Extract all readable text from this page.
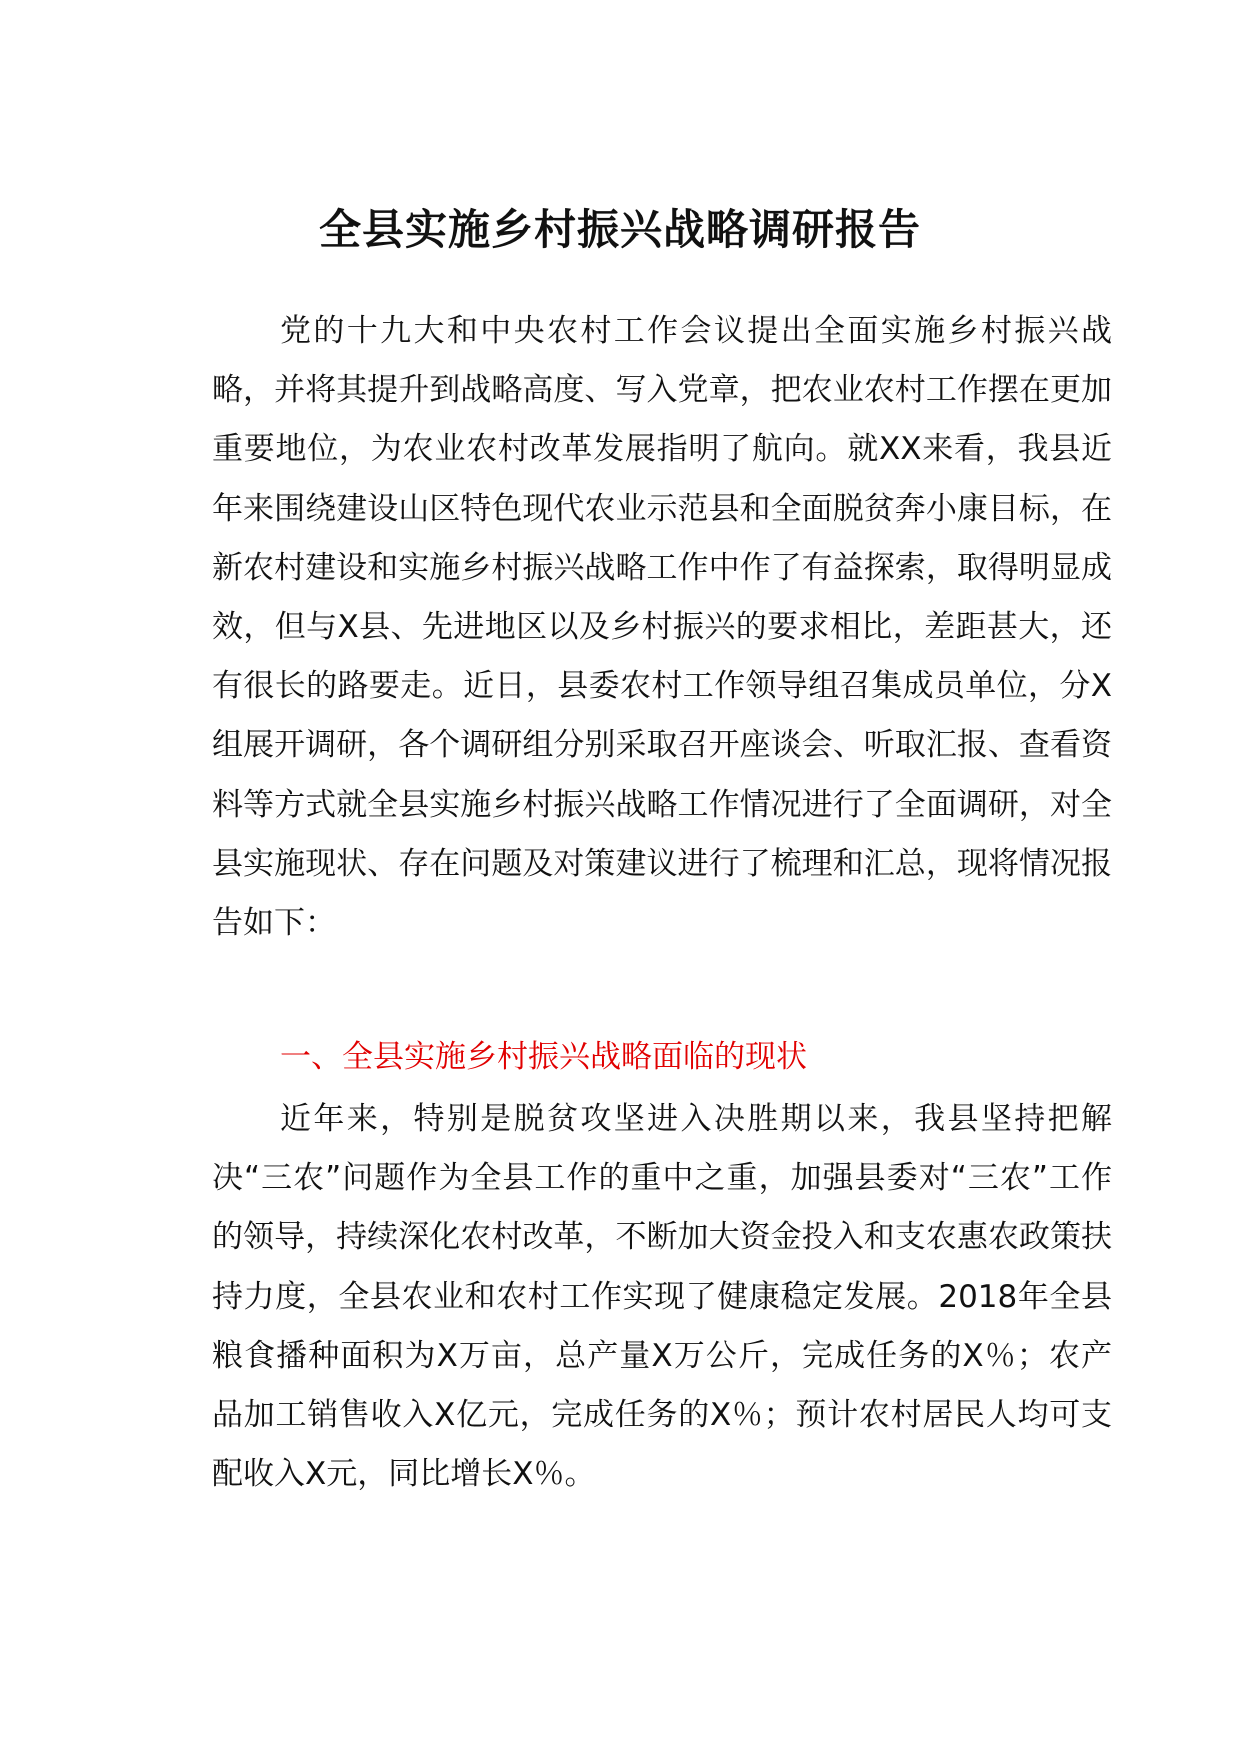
全县实施乡村振兴战略调研报告

党的十九大和中央农村工作会议提出全面实施乡村振兴战略，并将其提升到战略高度、写入党章，把农业农村工作摆在更加重要地位，为农业农村改革发展指明了航向。就XX来看，我县近年来围绕建设山区特色现代农业示范县和全面脱贫奔小康目标，在新农村建设和实施乡村振兴战略工作中作了有益探索，取得明显成效，但与X县、先进地区以及乡村振兴的要求相比，差距甚大，还有很长的路要走。近日，县委农村工作领导组召集成员单位，分X组展开调研，各个调研组分别采取召开座谈会、听取汇报、查看资料等方式就全县实施乡村振兴战略工作情况进行了全面调研，对全县实施现状、存在问题及对策建议进行了梳理和汇总，现将情况报告如下：

一、全县实施乡村振兴战略面临的现状

近年来，特别是脱贫攻坚进入决胜期以来，我县坚持把解决“三农”问题作为全县工作的重中之重，加强县委对“三农”工作的领导，持续深化农村改革，不断加大资金投入和支农惠农政策扶持力度，全县农业和农村工作实现了健康稳定发展。2018年全县粮食播种面积为X万亩，总产量X万公斤，完成任务的X％；农产品加工销售收入X亿元，完成任务的X％；预计农村居民人均可支配收入X元，同比增长X％。
